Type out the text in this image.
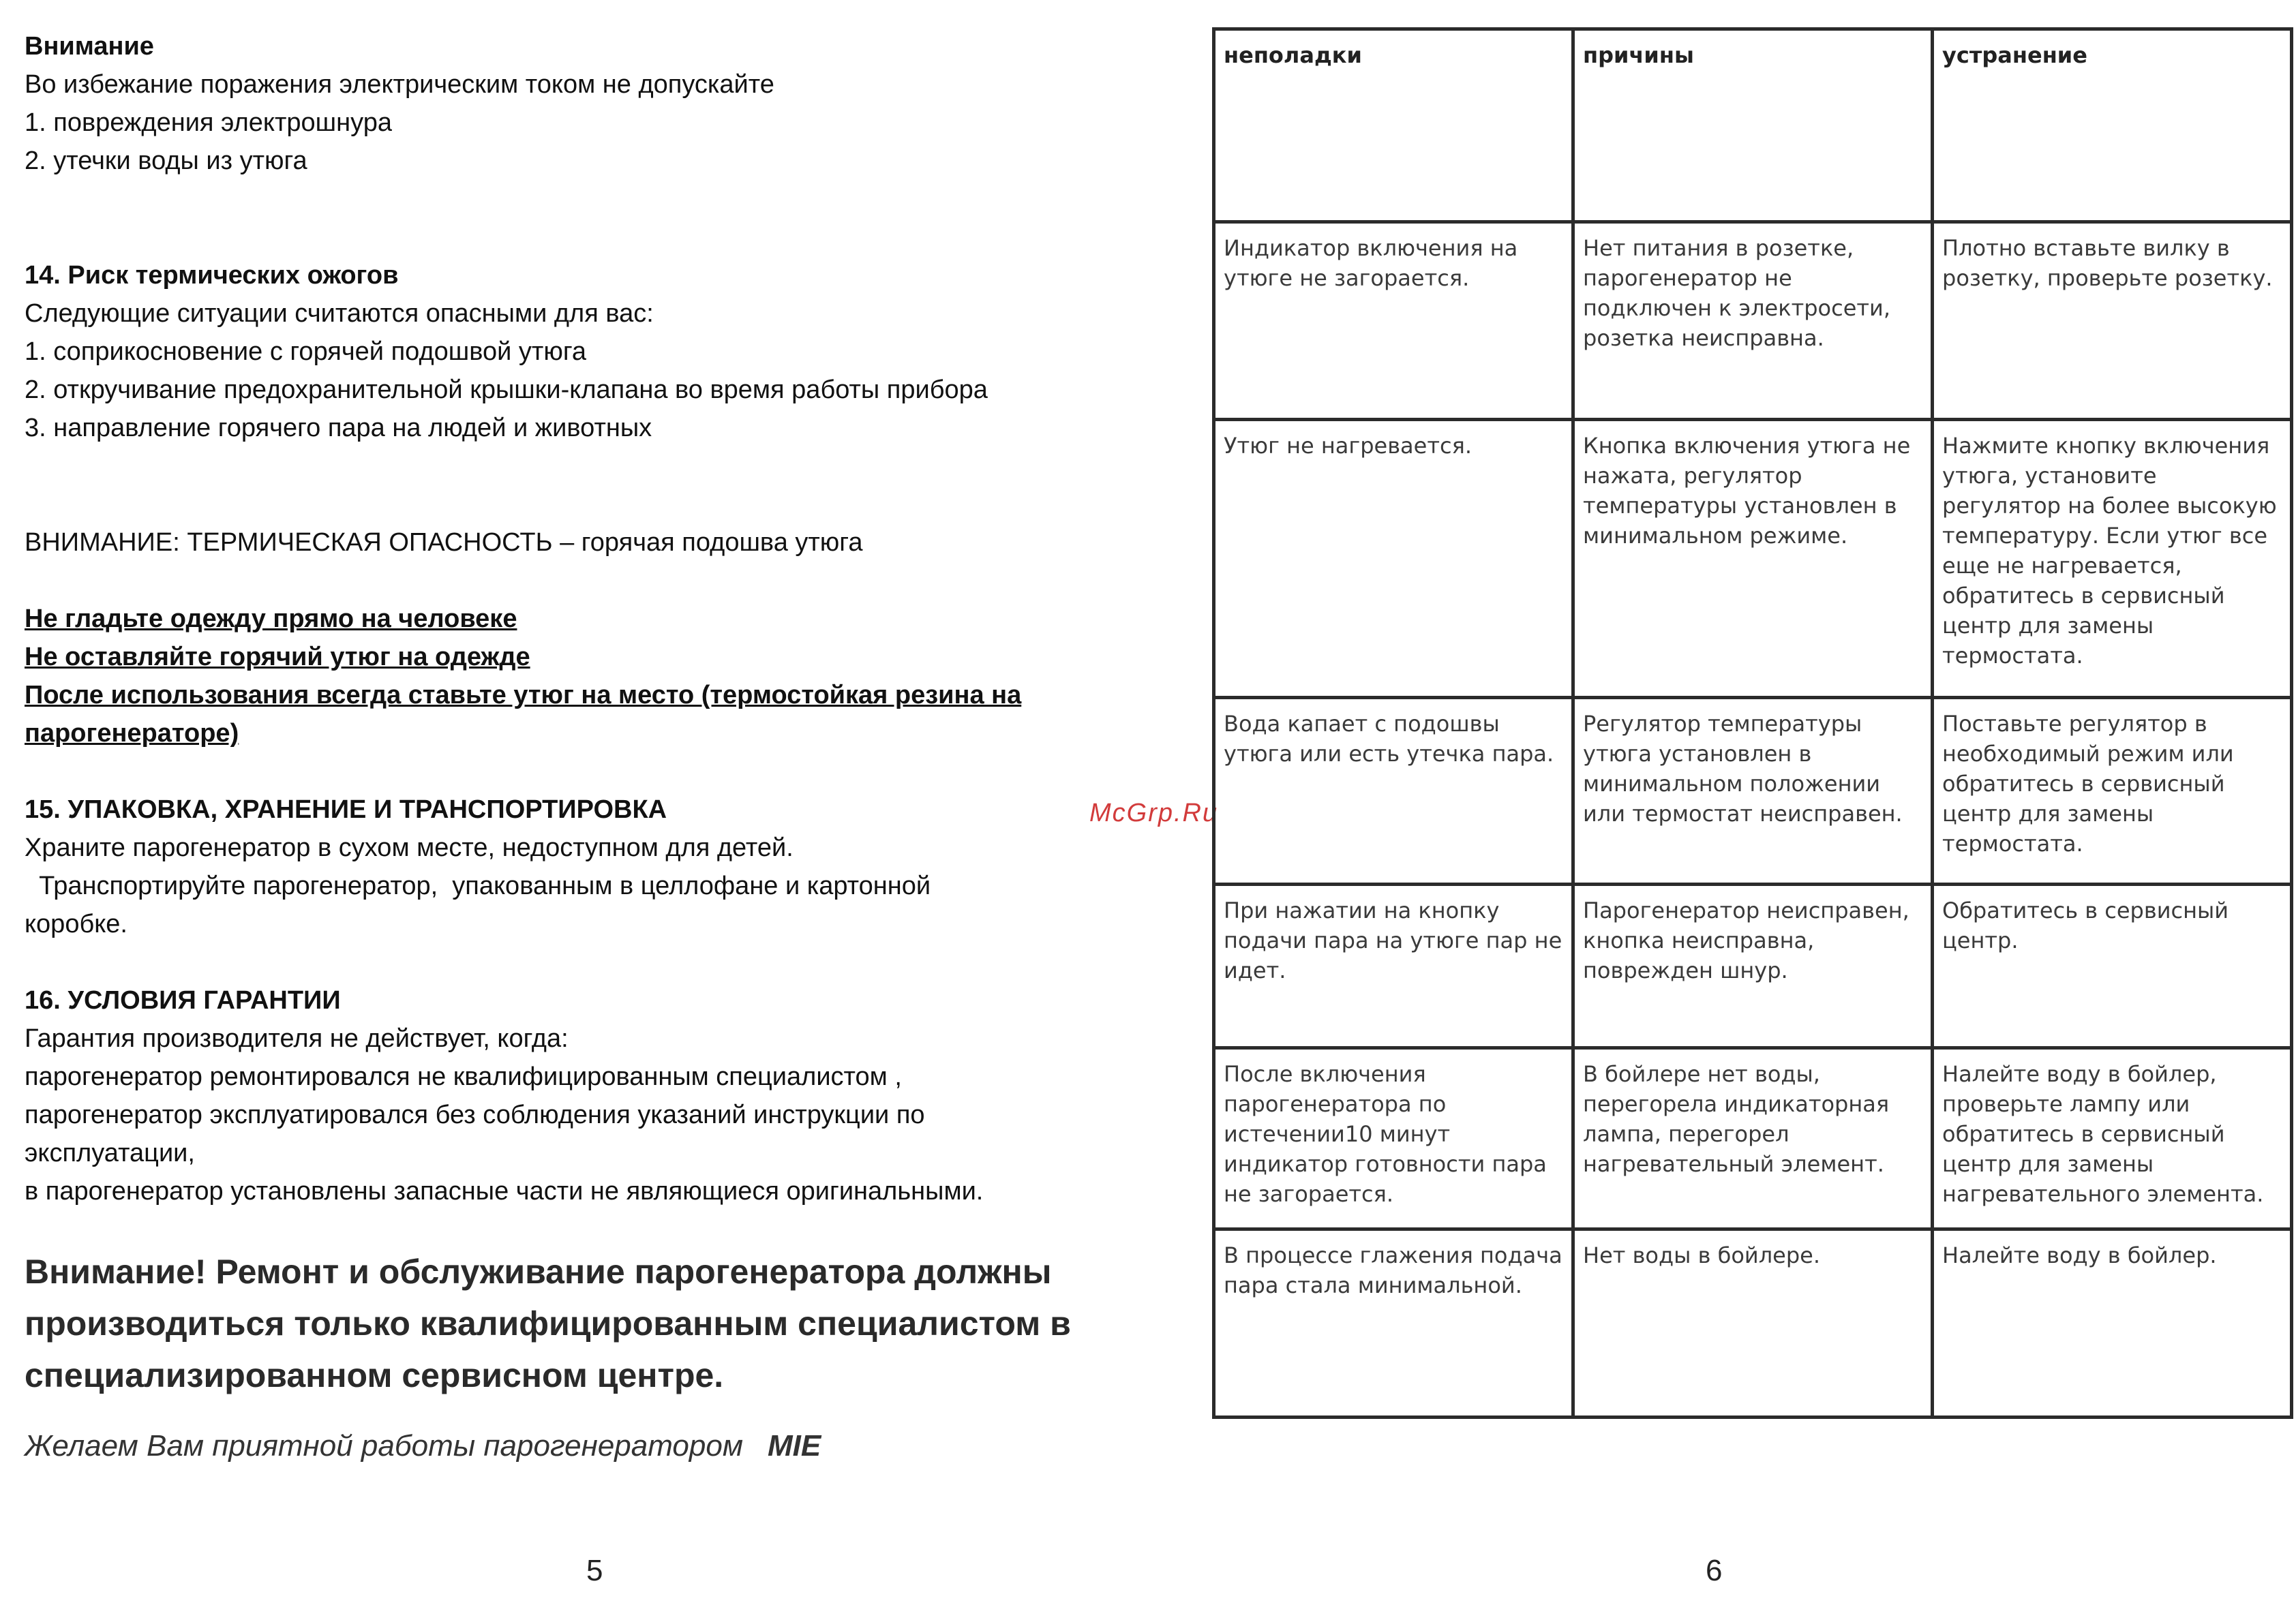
Внимание

Во избежание поражения электрическим током не допускайте

1. повреждения электрошнура

2. утечки воды из утюга

14. Риск термических ожогов

Следующие ситуации считаются опасными для вас:

1. соприкосновение с горячей подошвой утюга

2. откручивание предохранительной крышки-клапана во время работы прибора

3. направление горячего пара на людей и животных

ВНИМАНИЕ: ТЕРМИЧЕСКАЯ ОПАСНОСТЬ – горячая подошва утюга

Не гладьте одежду прямо на человеке

Не оставляйте горячий утюг на одежде

После использования всегда ставьте утюг на место (термостойкая резина на

парогенераторе)

15. УПАКОВКА, ХРАНЕНИЕ И ТРАНСПОРТИРОВКА

Храните парогенератор в сухом месте, недоступном для детей.

Транспортируйте парогенератор,  упакованным в целлофане и картонной

коробке.

16. УСЛОВИЯ ГАРАНТИИ

Гарантия производителя не действует, когда:

парогенератор ремонтировался не квалифицированным специалистом ,

парогенератор эксплуатировался без соблюдения указаний инструкции по

эксплуатации,

в парогенератор установлены запасные части не являющиеся оригинальными.

Внимание! Ремонт и обслуживание парогенератора должны
производиться только квалифицированным специалистом в
специализированном сервисном центре.
Желаем Вам приятной работы парогенератором MIE
5
McGrp.Ru
неполадки	причины	устранение
Индикатор включения на утюге не загорается.	Нет питания в розетке, парогенератор не подключен к электросети, розетка неисправна.	Плотно вставьте вилку в розетку, проверьте розетку.
Утюг не нагревается.	Кнопка включения утюга не нажата, регулятор температуры установлен в минимальном режиме.	Нажмите кнопку включения утюга, установите регулятор на более высокую температуру. Если утюг все еще не нагревается, обратитесь в сервисный центр для замены термостата.
Вода капает с подошвы утюга или есть утечка пара.	Регулятор температуры утюга установлен в минимальном положении или термостат неисправен.	Поставьте регулятор в необходимый режим или обратитесь в сервисный центр для замены термостата.
При нажатии на кнопку подачи пара на утюге пар не идет.	Парогенератор неисправен, кнопка неисправна, поврежден шнур.	Обратитесь в сервисный центр.
После включения парогенератора по истечении10 минут индикатор готовности пара не загорается.	В бойлере нет воды, перегорела индикаторная лампа, перегорел нагревательный элемент.	Налейте воду в бойлер, проверьте лампу или обратитесь в сервисный центр для замены нагревательного элемента.
В процессе глажения подача пара стала минимальной.	Нет воды в бойлере.	Налейте воду в бойлер.
6
